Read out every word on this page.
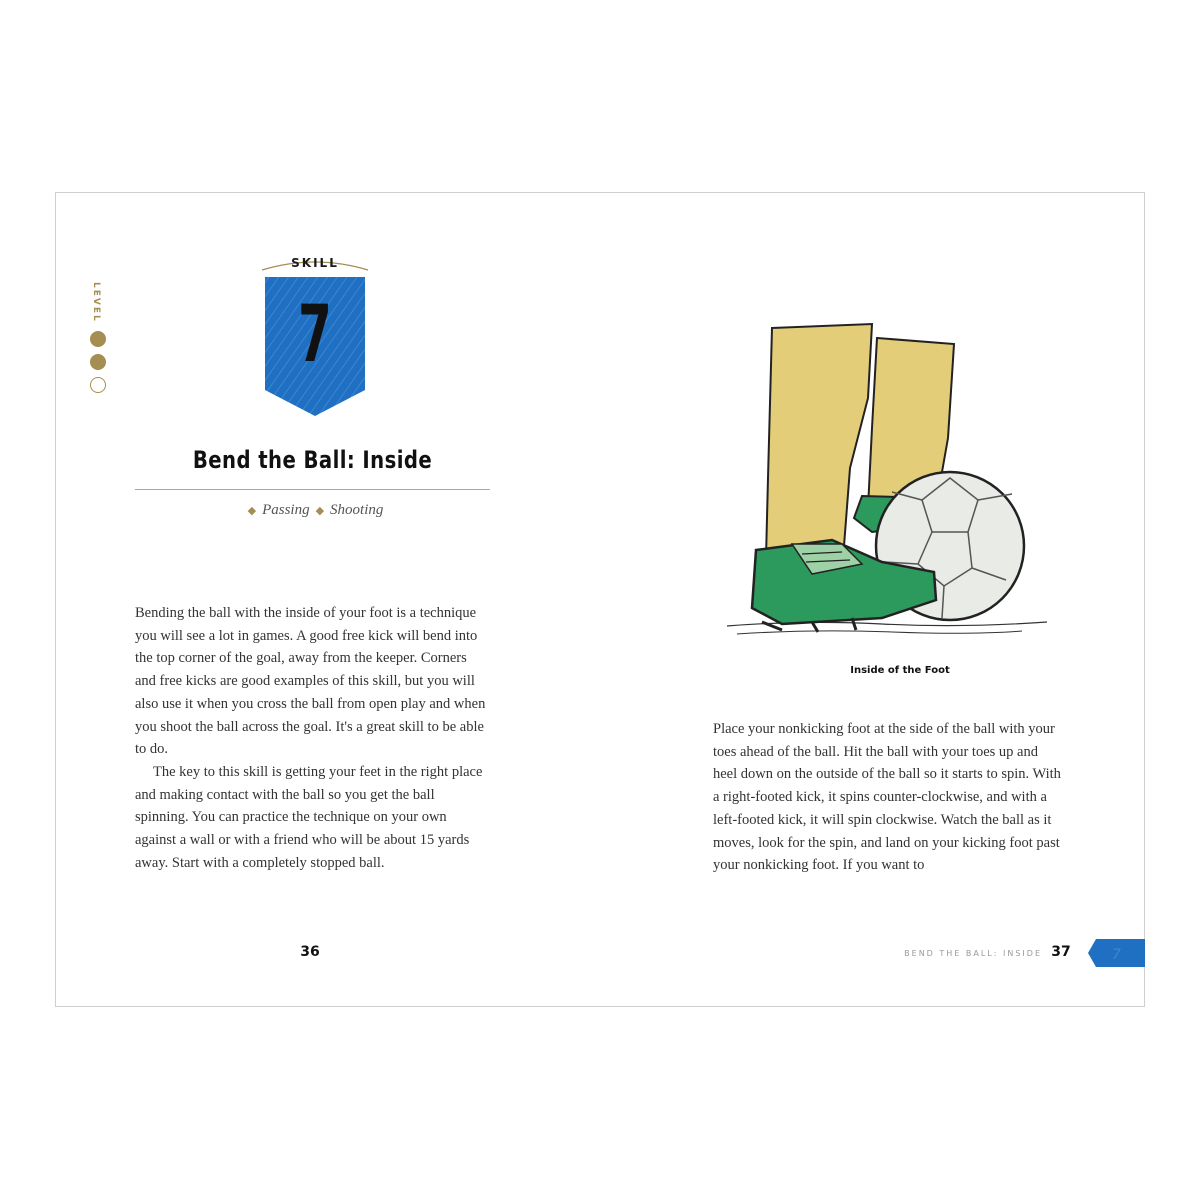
LEVEL
SKILL
7
Bend the Ball: Inside
◆ Passing ◆ Shooting

Bending the ball with the inside of your foot is a technique you will see a lot in games. A good free kick will bend into the top corner of the goal, away from the keeper. Corners and free kicks are good examples of this skill, but you will also use it when you cross the ball from open play and when you shoot the ball across the goal. It's a great skill to be able to do.

The key to this skill is getting your feet in the right place and making contact with the ball so you get the ball spinning. You can practice the technique on your own against a wall or with a friend who will be about 15 yards away. Start with a completely stopped ball.

Inside of the Foot

Place your nonkicking foot at the side of the ball with your toes ahead of the ball. Hit the ball with your toes up and heel down on the outside of the ball so it starts to spin. With a right-footed kick, it spins counter-clockwise, and with a left-footed kick, it will spin clockwise. Watch the ball as it moves, look for the spin, and land on your kicking foot past your nonkicking foot. If you want to

36	BEND THE BALL: INSIDE 37	7
